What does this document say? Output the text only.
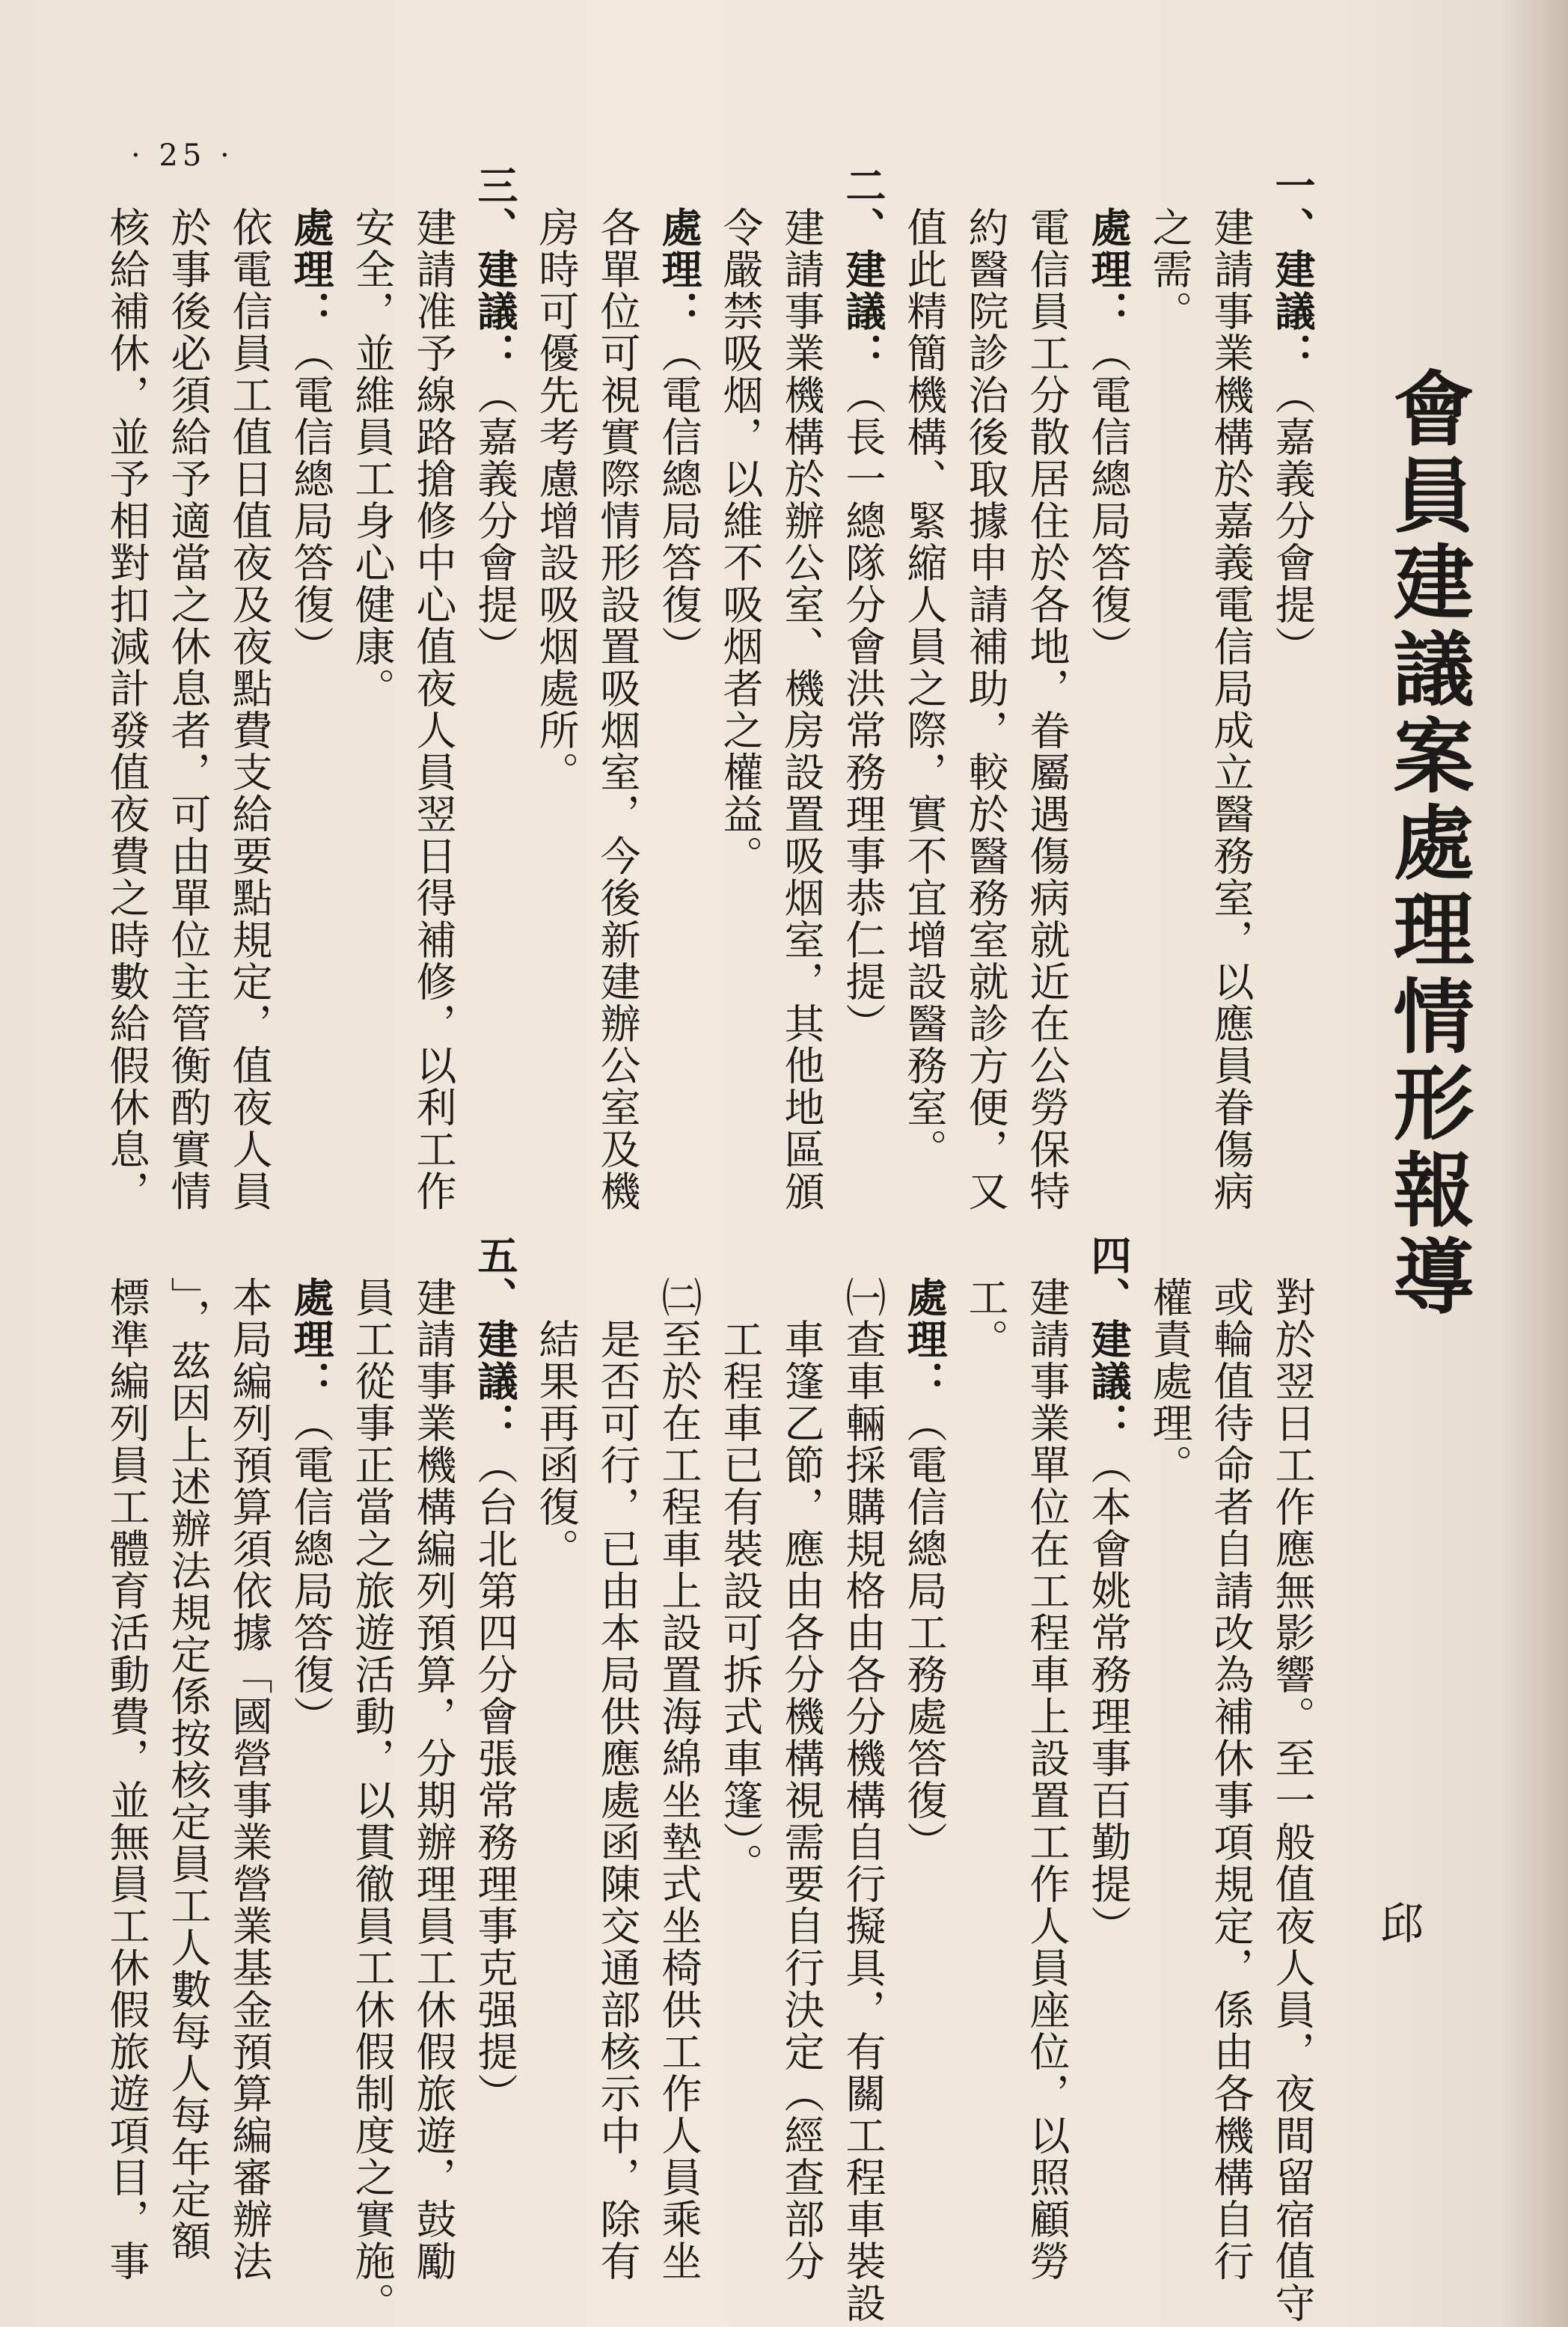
· 25 ·
會員建議案處理情形報導
邱
一、建議：（嘉義分會提）
　建請事業機構於嘉義電信局成立醫務室，以應員眷傷病
　之需。
　處理：（電信總局答復）
　電信員工分散居住於各地，眷屬遇傷病就近在公勞保特
　約醫院診治後取據申請補助，較於醫務室就診方便，又
　值此精簡機構、緊縮人員之際，實不宜增設醫務室。
二、建議：（長一總隊分會洪常務理事恭仁提）
　建請事業機構於辦公室、機房設置吸烟室，其他地區頒
　令嚴禁吸烟，以維不吸烟者之權益。
　處理：（電信總局答復）
　各單位可視實際情形設置吸烟室，今後新建辦公室及機
　房時可優先考慮增設吸烟處所。
三、建議：（嘉義分會提）
　建請准予線路搶修中心值夜人員翌日得補修，以利工作
　安全，並維員工身心健康。
　處理：（電信總局答復）
　依電信員工值日值夜及夜點費支給要點規定，值夜人員
　於事後必須給予適當之休息者，可由單位主管衡酌實情
　核給補休，並予相對扣減計發值夜費之時數給假休息，
　對於翌日工作應無影響。至一般值夜人員，夜間留宿值守
　或輪值待命者自請改為補休事項規定，係由各機構自行
　權責處理。
四、建議：（本會姚常務理事百勤提）
　建請事業單位在工程車上設置工作人員座位，以照顧勞
　工。
　處理：（電信總局工務處答復）
　㈠查車輛採購規格由各分機構自行擬具，有關工程車裝設
　　車篷乙節，應由各分機構視需要自行決定（經查部分
　　工程車已有裝設可拆式車篷）。
　㈡至於在工程車上設置海綿坐墊式坐椅供工作人員乘坐
　　是否可行，已由本局供應處函陳交通部核示中，除有
　　結果再函復。
五、建議：（台北第四分會張常務理事克强提）
　建請事業機構編列預算，分期辦理員工休假旅遊，鼓勵
　員工從事正當之旅遊活動，以貫徹員工休假制度之實施。
　處理：（電信總局答復）
　本局編列預算須依據「國營事業營業基金預算編審辦法
　」，茲因上述辦法規定係按核定員工人數每人每年定額
　標準編列員工體育活動費，並無員工休假旅遊項目，事
